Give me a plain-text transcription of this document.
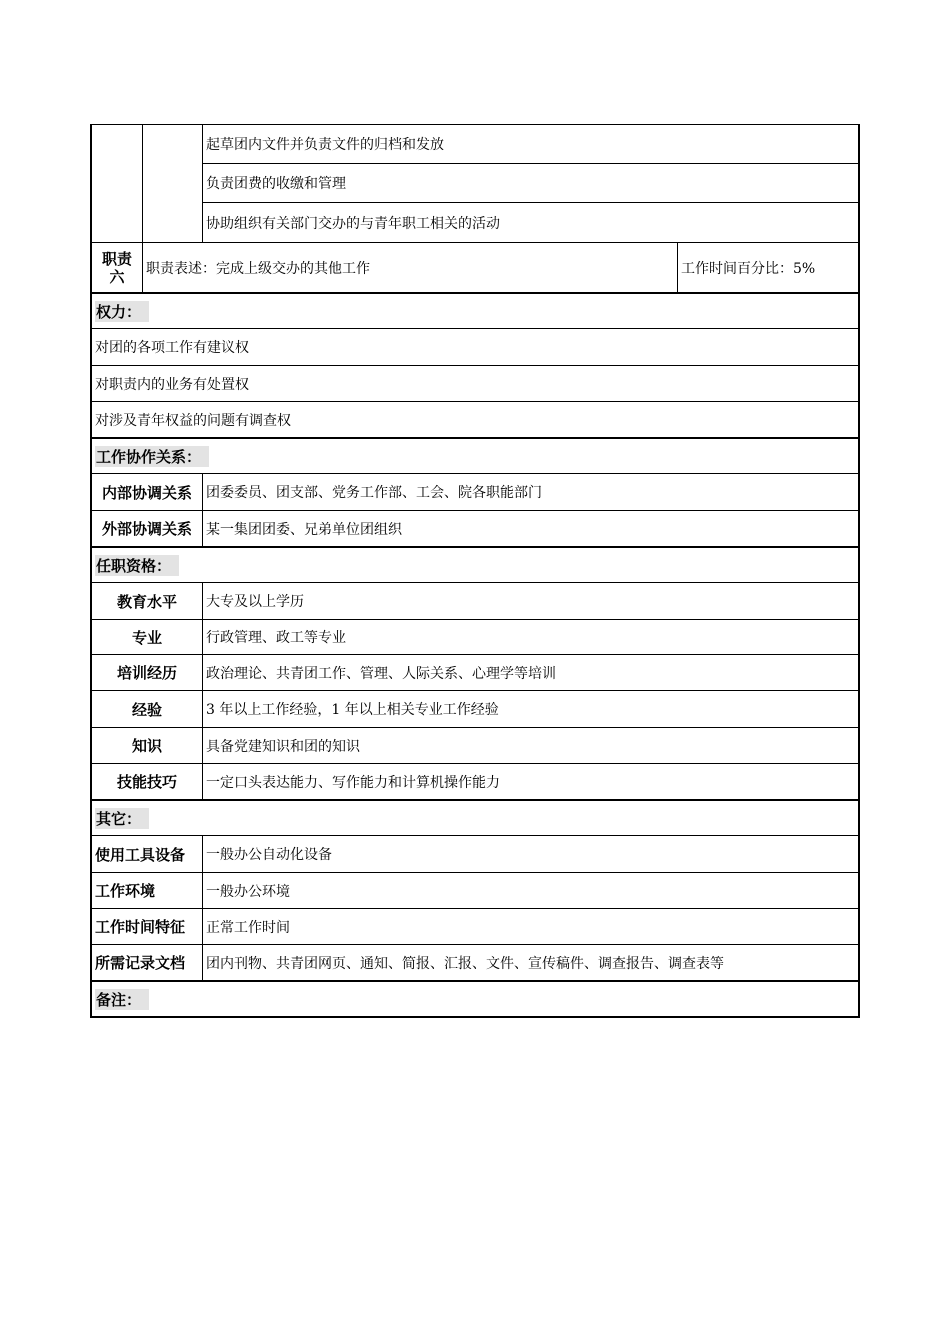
起草团内文件并负责文件的归档和发放
负责团费的收缴和管理
协助组织有关部门交办的与青年职工相关的活动
职责
六 职责表述：完成上级交办的其他工作	工作时间百分比：5%
权力：
对团的各项工作有建议权
对职责内的业务有处置权
对涉及青年权益的问题有调查权
工作协作关系：
内部协调关系	团委委员、团支部、党务工作部、工会、院各职能部门
外部协调关系	某一集团团委、兄弟单位团组织
任职资格：
教育水平	大专及以上学历
专业	行政管理、政工等专业
培训经历	政治理论、共青团工作、管理、人际关系、心理学等培训
经验	3 年以上工作经验，1 年以上相关专业工作经验
知识	具备党建知识和团的知识
技能技巧	一定口头表达能力、写作能力和计算机操作能力
其它：
使用工具设备	一般办公自动化设备
工作环境	一般办公环境
工作时间特征	正常工作时间
所需记录文档	团内刊物、共青团网页、通知、简报、汇报、文件、宣传稿件、调查报告、调查表等
备注：
